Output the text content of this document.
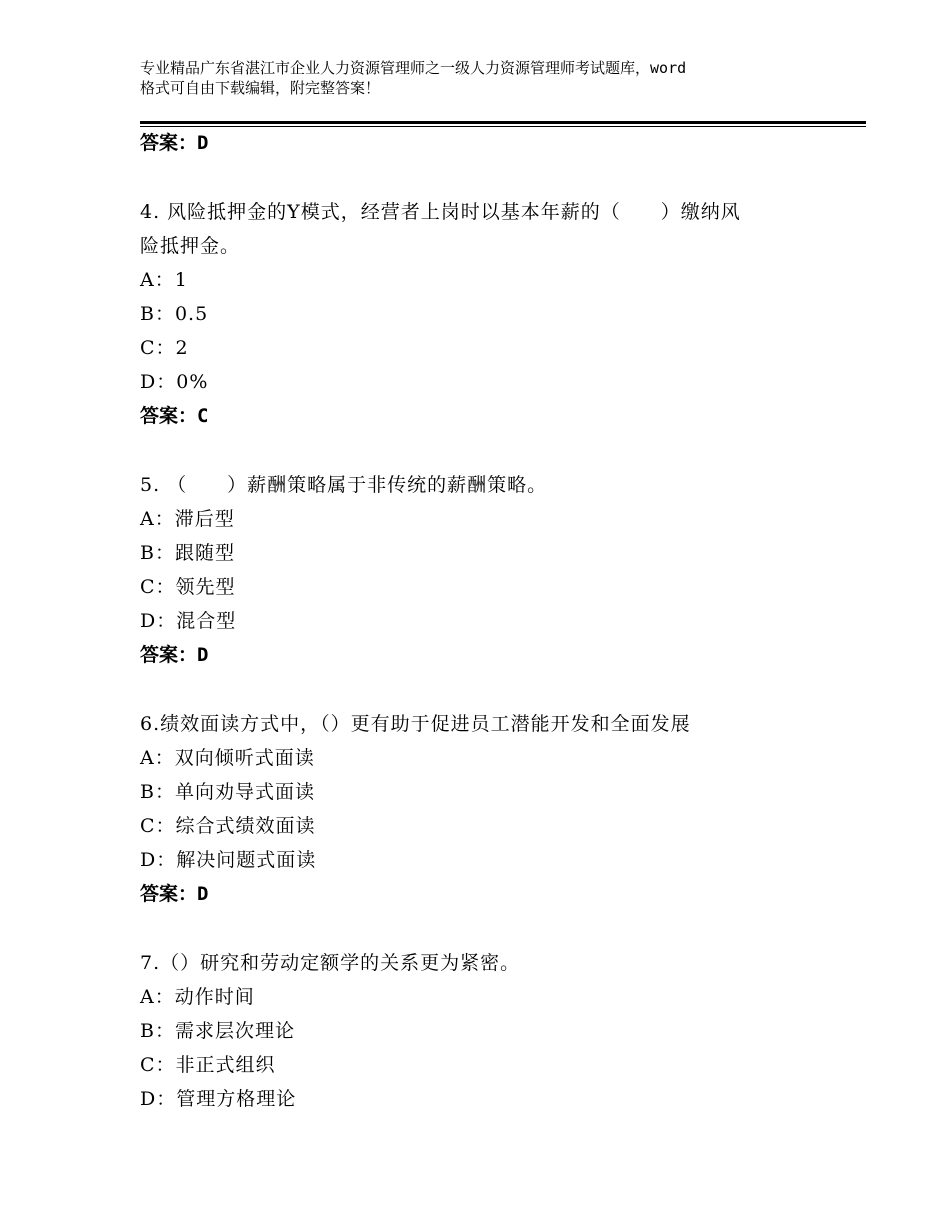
专业精品广东省湛江市企业人力资源管理师之一级人力资源管理师考试题库，word
格式可自由下载编辑，附完整答案！
答案：D
4. 风险抵押金的Y模式，经营者上岗时以基本年薪的（　　）缴纳风
险抵押金。
A：1
B：0.5
C：2
D：0%
答案：C
5. （　　）薪酬策略属于非传统的薪酬策略。
A：滞后型
B：跟随型
C：领先型
D：混合型
答案：D
6.绩效面读方式中，（）更有助于促进员工潜能开发和全面发展
A：双向倾听式面读
B：单向劝导式面读
C：综合式绩效面读
D：解决问题式面读
答案：D
7.（）研究和劳动定额学的关系更为紧密。
A：动作时间
B：需求层次理论
C：非正式组织
D：管理方格理论
